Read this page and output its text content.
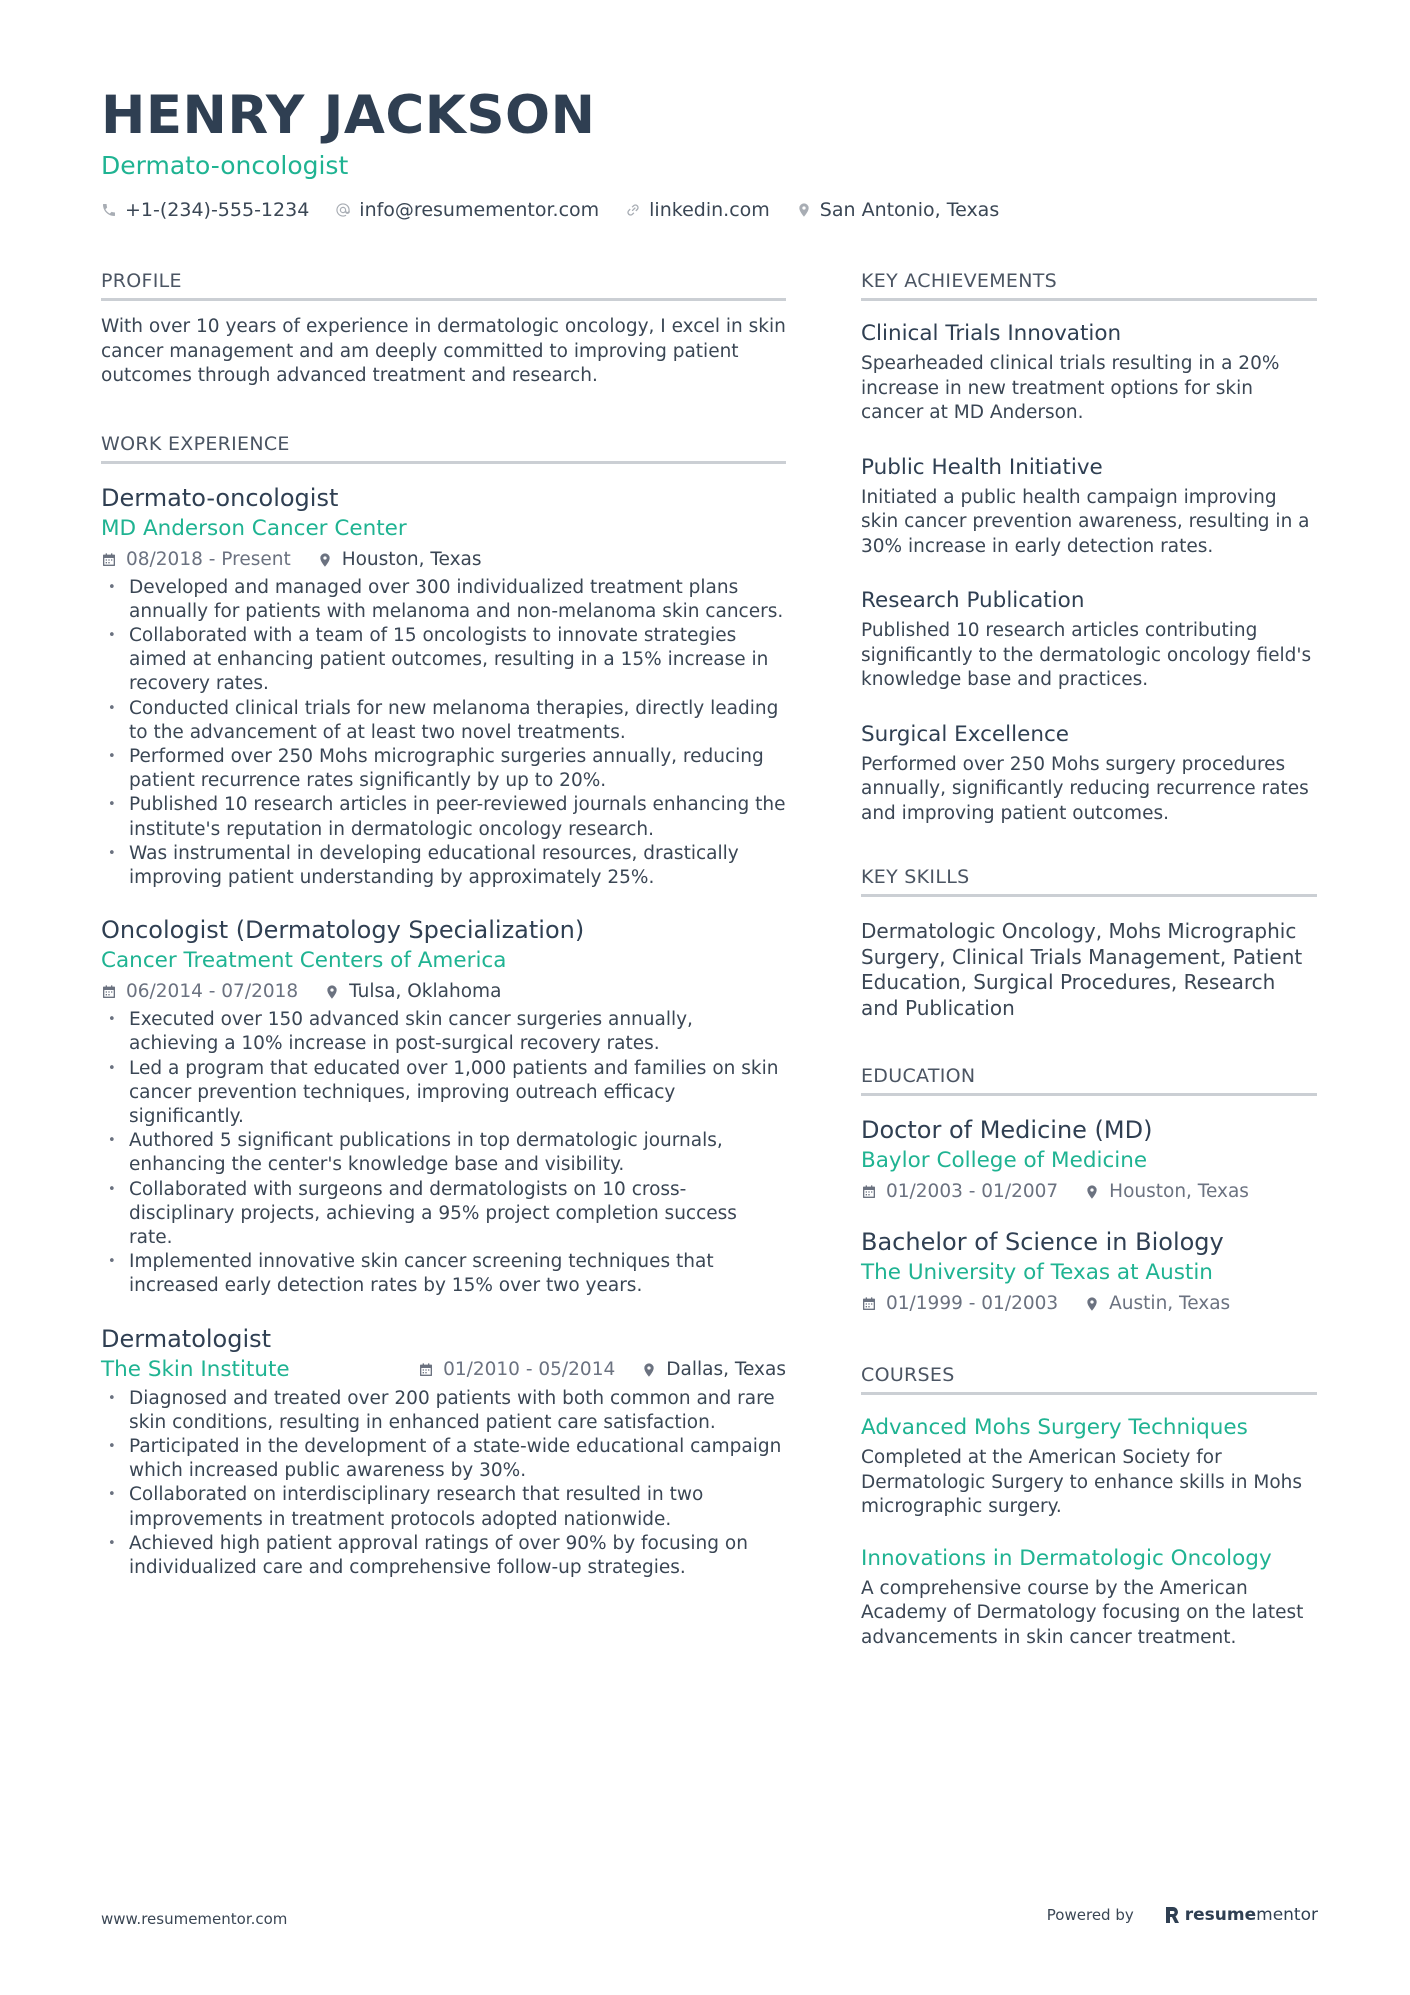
HENRY JACKSON
Dermato-oncologist
+1-(234)-555-1234	info@resumementor.com	linkedin.com	San Antonio, Texas
PROFILE
With over 10 years of experience in dermatologic oncology, I excel in skin cancer management and am deeply committed to improving patient outcomes through advanced treatment and research.
WORK EXPERIENCE
Dermato-oncologist
MD Anderson Cancer Center
08/2018 - Present	Houston, Texas
• Developed and managed over 300 individualized treatment plans annually for patients with melanoma and non-melanoma skin cancers.
• Collaborated with a team of 15 oncologists to innovate strategies aimed at enhancing patient outcomes, resulting in a 15% increase in recovery rates.
• Conducted clinical trials for new melanoma therapies, directly leading to the advancement of at least two novel treatments.
• Performed over 250 Mohs micrographic surgeries annually, reducing patient recurrence rates significantly by up to 20%.
• Published 10 research articles in peer-reviewed journals enhancing the institute's reputation in dermatologic oncology research.
• Was instrumental in developing educational resources, drastically improving patient understanding by approximately 25%.
Oncologist (Dermatology Specialization)
Cancer Treatment Centers of America
06/2014 - 07/2018	Tulsa, Oklahoma
• Executed over 150 advanced skin cancer surgeries annually, achieving a 10% increase in post-surgical recovery rates.
• Led a program that educated over 1,000 patients and families on skin cancer prevention techniques, improving outreach efficacy significantly.
• Authored 5 significant publications in top dermatologic journals, enhancing the center's knowledge base and visibility.
• Collaborated with surgeons and dermatologists on 10 cross-disciplinary projects, achieving a 95% project completion success rate.
• Implemented innovative skin cancer screening techniques that increased early detection rates by 15% over two years.
Dermatologist
The Skin Institute	01/2010 - 05/2014	Dallas, Texas
• Diagnosed and treated over 200 patients with both common and rare skin conditions, resulting in enhanced patient care satisfaction.
• Participated in the development of a state-wide educational campaign which increased public awareness by 30%.
• Collaborated on interdisciplinary research that resulted in two improvements in treatment protocols adopted nationwide.
• Achieved high patient approval ratings of over 90% by focusing on individualized care and comprehensive follow-up strategies.
KEY ACHIEVEMENTS
Clinical Trials Innovation
Spearheaded clinical trials resulting in a 20% increase in new treatment options for skin cancer at MD Anderson.
Public Health Initiative
Initiated a public health campaign improving skin cancer prevention awareness, resulting in a 30% increase in early detection rates.
Research Publication
Published 10 research articles contributing significantly to the dermatologic oncology field's knowledge base and practices.
Surgical Excellence
Performed over 250 Mohs surgery procedures annually, significantly reducing recurrence rates and improving patient outcomes.
KEY SKILLS
Dermatologic Oncology, Mohs Micrographic Surgery, Clinical Trials Management, Patient Education, Surgical Procedures, Research and Publication
EDUCATION
Doctor of Medicine (MD)
Baylor College of Medicine
01/2003 - 01/2007	Houston, Texas
Bachelor of Science in Biology
The University of Texas at Austin
01/1999 - 01/2003	Austin, Texas
COURSES
Advanced Mohs Surgery Techniques
Completed at the American Society for Dermatologic Surgery to enhance skills in Mohs micrographic surgery.
Innovations in Dermatologic Oncology
A comprehensive course by the American Academy of Dermatology focusing on the latest advancements in skin cancer treatment.
www.resumementor.com	Powered by	resume mentor
